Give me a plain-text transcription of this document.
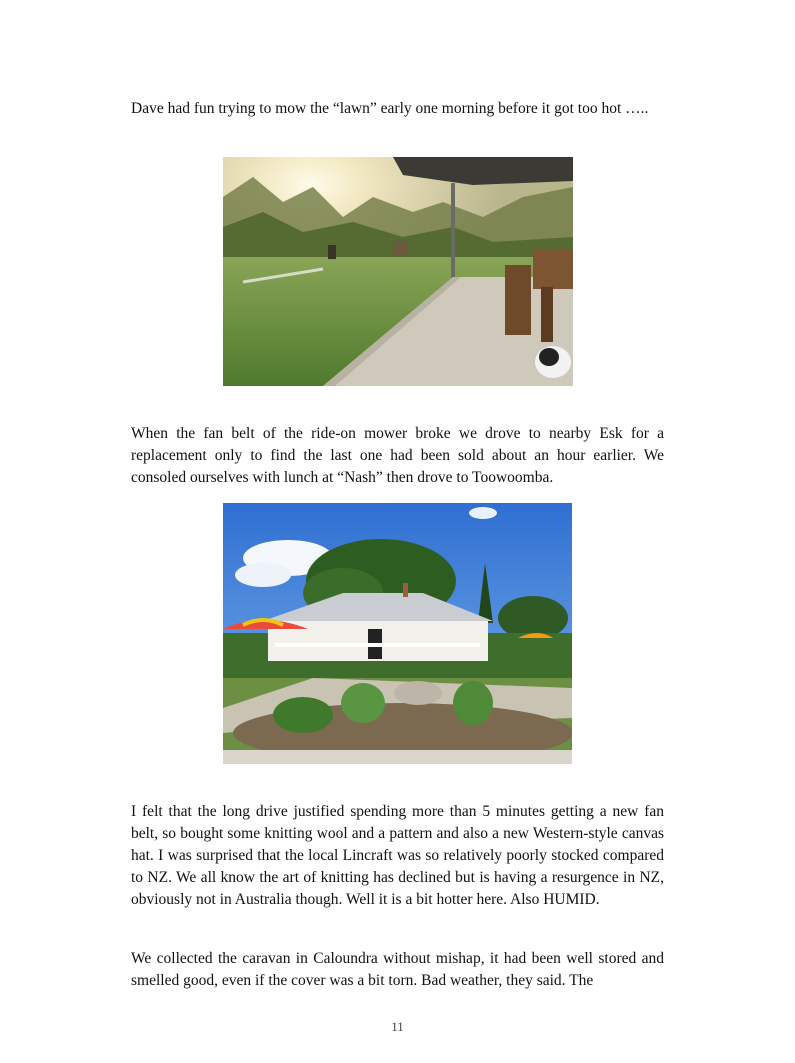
Dave had fun trying to mow the “lawn” early one morning before it got too hot …..

When the fan belt of the ride-on mower broke we drove to nearby Esk for a replacement only to find the last one had been sold about an hour earlier. We consoled ourselves with lunch at “Nash” then drove to Toowoomba.

I felt that the long drive justified spending more than 5 minutes getting a new fan belt, so bought some knitting wool and a pattern and also a new Western-style canvas hat. I was surprised that the local Lincraft was so relatively poorly stocked compared to NZ. We all know the art of knitting has declined but is having a resurgence in NZ, obviously not in Australia though. Well it is a bit hotter here. Also HUMID.

We collected the caravan in Caloundra without mishap, it had been well stored and smelled good, even if the cover was a bit torn. Bad weather, they said. The

11
